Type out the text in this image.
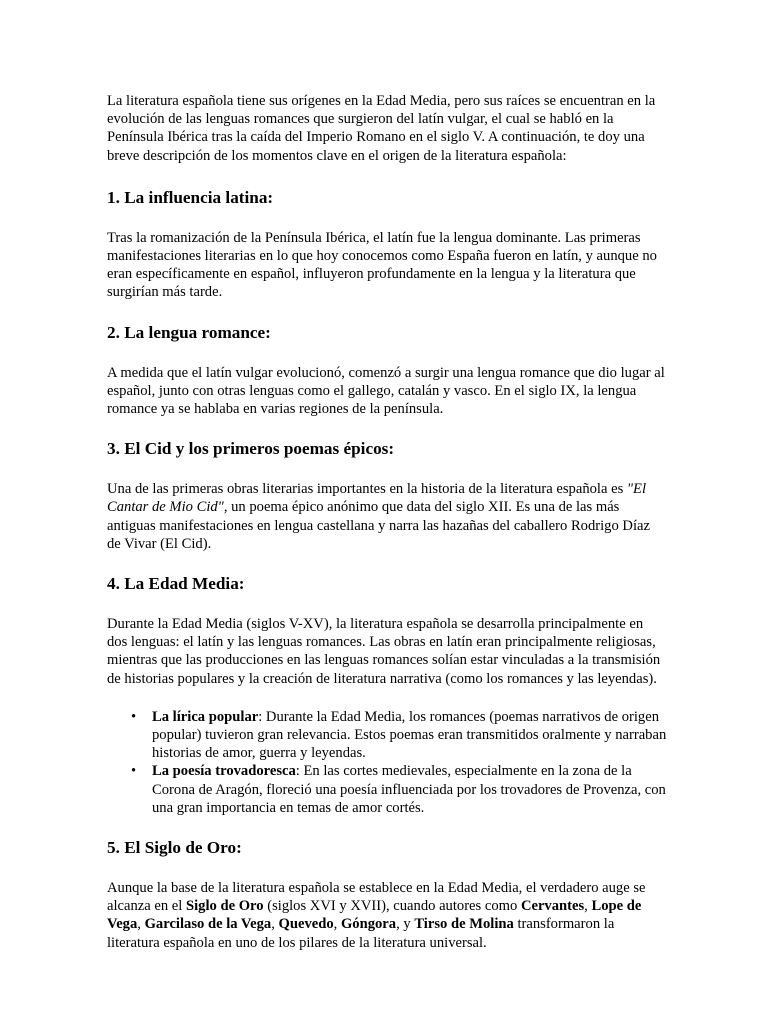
La literatura española tiene sus orígenes en la Edad Media, pero sus raíces se encuentran en la evolución de las lenguas romances que surgieron del latín vulgar, el cual se habló en la Península Ibérica tras la caída del Imperio Romano en el siglo V. A continuación, te doy una breve descripción de los momentos clave en el origen de la literatura española:

1. La influencia latina:

Tras la romanización de la Península Ibérica, el latín fue la lengua dominante. Las primeras manifestaciones literarias en lo que hoy conocemos como España fueron en latín, y aunque no eran específicamente en español, influyeron profundamente en la lengua y la literatura que surgirían más tarde.

2. La lengua romance:

A medida que el latín vulgar evolucionó, comenzó a surgir una lengua romance que dio lugar al español, junto con otras lenguas como el gallego, catalán y vasco. En el siglo IX, la lengua romance ya se hablaba en varias regiones de la península.

3. El Cid y los primeros poemas épicos:

Una de las primeras obras literarias importantes en la historia de la literatura española es "El Cantar de Mio Cid", un poema épico anónimo que data del siglo XII. Es una de las más antiguas manifestaciones en lengua castellana y narra las hazañas del caballero Rodrigo Díaz de Vivar (El Cid).

4. La Edad Media:

Durante la Edad Media (siglos V-XV), la literatura española se desarrolla principalmente en dos lenguas: el latín y las lenguas romances. Las obras en latín eran principalmente religiosas, mientras que las producciones en las lenguas romances solían estar vinculadas a la transmisión de historias populares y la creación de literatura narrativa (como los romances y las leyendas).

• La lírica popular: Durante la Edad Media, los romances (poemas narrativos de origen popular) tuvieron gran relevancia. Estos poemas eran transmitidos oralmente y narraban historias de amor, guerra y leyendas.
• La poesía trovadoresca: En las cortes medievales, especialmente en la zona de la Corona de Aragón, floreció una poesía influenciada por los trovadores de Provenza, con una gran importancia en temas de amor cortés.
5. El Siglo de Oro:

Aunque la base de la literatura española se establece en la Edad Media, el verdadero auge se alcanza en el Siglo de Oro (siglos XVI y XVII), cuando autores como Cervantes, Lope de Vega, Garcilaso de la Vega, Quevedo, Góngora, y Tirso de Molina transformaron la literatura española en uno de los pilares de la literatura universal.
